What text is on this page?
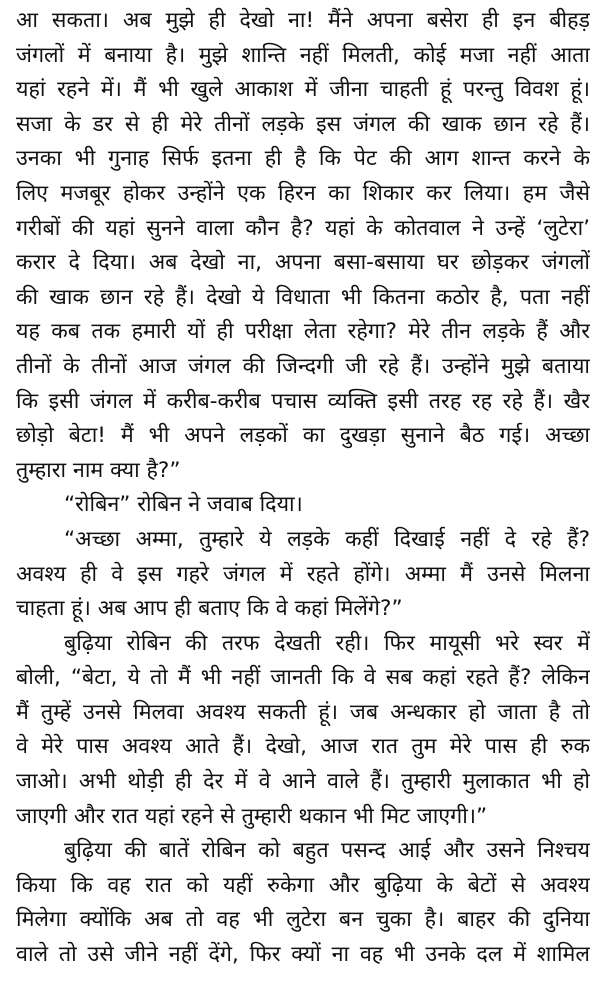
आ सकता। अब मुझे ही देखो ना! मैंने अपना बसेरा ही इन बीहड़
जंगलों में बनाया है। मुझे शान्ति नहीं मिलती, कोई मजा नहीं आता
यहां रहने में। मैं भी खुले आकाश में जीना चाहती हूं परन्तु विवश हूं।
सजा के डर से ही मेरे तीनों लड़के इस जंगल की खाक छान रहे हैं।
उनका भी गुनाह सिर्फ इतना ही है कि पेट की आग शान्त करने के
लिए मजबूर होकर उन्होंने एक हिरन का शिकार कर लिया। हम जैसे
गरीबों की यहां सुनने वाला कौन है? यहां के कोतवाल ने उन्हें ‘लुटेरा’
करार दे दिया। अब देखो ना, अपना बसा-बसाया घर छोड़कर जंगलों
की खाक छान रहे हैं। देखो ये विधाता भी कितना कठोर है, पता नहीं
यह कब तक हमारी यों ही परीक्षा लेता रहेगा? मेरे तीन लड़के हैं और
तीनों के तीनों आज जंगल की जिन्दगी जी रहे हैं। उन्होंने मुझे बताया
कि इसी जंगल में करीब-करीब पचास व्यक्ति इसी तरह रह रहे हैं। खैर
छोड़ो बेटा! मैं भी अपने लड़कों का दुखड़ा सुनाने बैठ गई। अच्छा
तुम्हारा नाम क्या है?”
“रोबिन” रोबिन ने जवाब दिया।
“अच्छा अम्मा, तुम्हारे ये लड़के कहीं दिखाई नहीं दे रहे हैं?
अवश्य ही वे इस गहरे जंगल में रहते होंगे। अम्मा मैं उनसे मिलना
चाहता हूं। अब आप ही बताए कि वे कहां मिलेंगे?”
बुढ़िया रोबिन की तरफ देखती रही। फिर मायूसी भरे स्वर में
बोली, “बेटा, ये तो मैं भी नहीं जानती कि वे सब कहां रहते हैं? लेकिन
मैं तुम्हें उनसे मिलवा अवश्य सकती हूं। जब अन्धकार हो जाता है तो
वे मेरे पास अवश्य आते हैं। देखो, आज रात तुम मेरे पास ही रुक
जाओ। अभी थोड़ी ही देर में वे आने वाले हैं। तुम्हारी मुलाकात भी हो
जाएगी और रात यहां रहने से तुम्हारी थकान भी मिट जाएगी।”
बुढ़िया की बातें रोबिन को बहुत पसन्द आई और उसने निश्चय
किया कि वह रात को यहीं रुकेगा और बुढ़िया के बेटों से अवश्य
मिलेगा क्योंकि अब तो वह भी लुटेरा बन चुका है। बाहर की दुनिया
वाले तो उसे जीने नहीं देंगे, फिर क्यों ना वह भी उनके दल में शामिल
